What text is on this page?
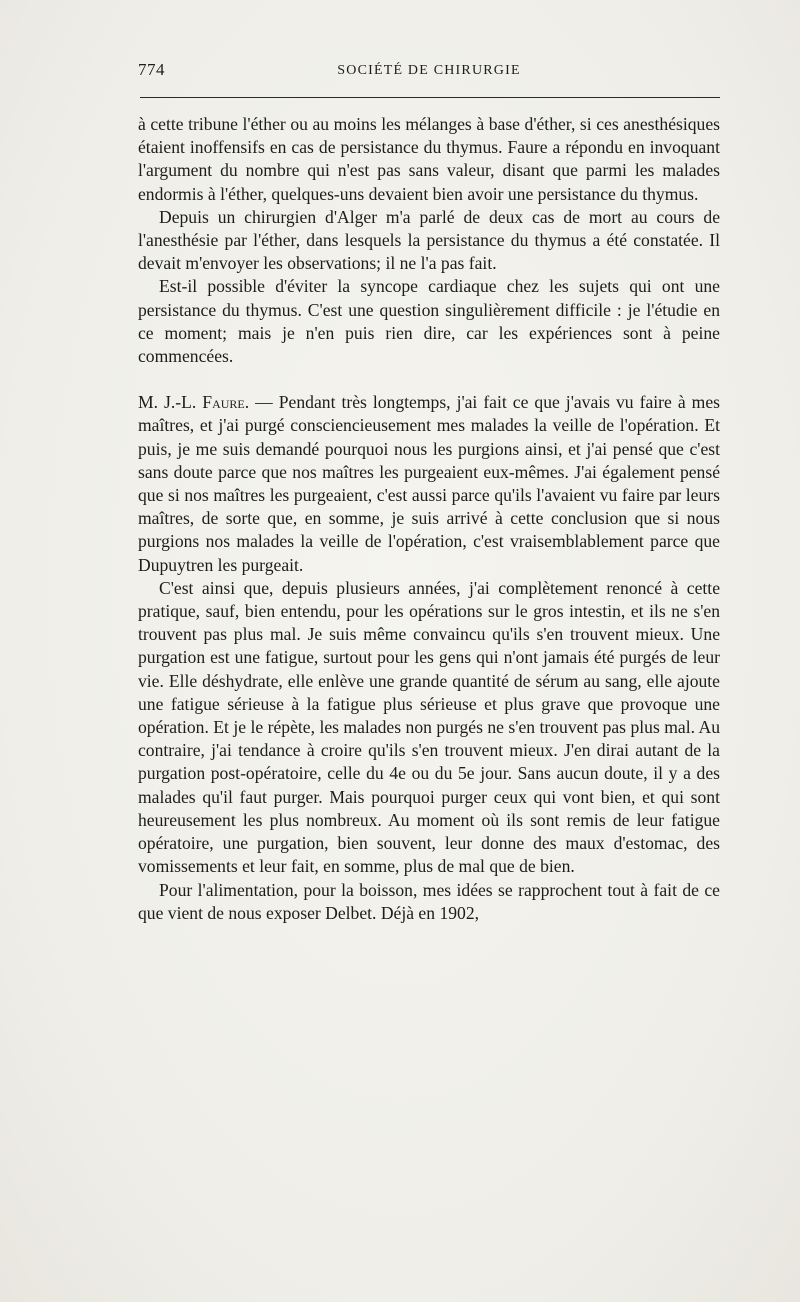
774	SOCIÉTÉ DE CHIRURGIE

à cette tribune l'éther ou au moins les mélanges à base d'éther, si ces anesthésiques étaient inoffensifs en cas de persistance du thymus. Faure a répondu en invoquant l'argument du nombre qui n'est pas sans valeur, disant que parmi les malades endormis à l'éther, quelques-uns devaient bien avoir une persistance du thymus.

Depuis un chirurgien d'Alger m'a parlé de deux cas de mort au cours de l'anesthésie par l'éther, dans lesquels la persistance du thymus a été constatée. Il devait m'envoyer les observations; il ne l'a pas fait.

Est-il possible d'éviter la syncope cardiaque chez les sujets qui ont une persistance du thymus. C'est une question singulièrement difficile : je l'étudie en ce moment; mais je n'en puis rien dire, car les expériences sont à peine commencées.

M. J.-L. Faure. — Pendant très longtemps, j'ai fait ce que j'avais vu faire à mes maîtres, et j'ai purgé consciencieusement mes malades la veille de l'opération. Et puis, je me suis demandé pourquoi nous les purgions ainsi, et j'ai pensé que c'est sans doute parce que nos maîtres les purgeaient eux-mêmes. J'ai également pensé que si nos maîtres les purgeaient, c'est aussi parce qu'ils l'avaient vu faire par leurs maîtres, de sorte que, en somme, je suis arrivé à cette conclusion que si nous purgions nos malades la veille de l'opération, c'est vraisemblablement parce que Dupuytren les purgeait.

C'est ainsi que, depuis plusieurs années, j'ai complètement renoncé à cette pratique, sauf, bien entendu, pour les opérations sur le gros intestin, et ils ne s'en trouvent pas plus mal. Je suis même convaincu qu'ils s'en trouvent mieux. Une purgation est une fatigue, surtout pour les gens qui n'ont jamais été purgés de leur vie. Elle déshydrate, elle enlève une grande quantité de sérum au sang, elle ajoute une fatigue sérieuse à la fatigue plus sérieuse et plus grave que provoque une opération. Et je le répète, les malades non purgés ne s'en trouvent pas plus mal. Au contraire, j'ai tendance à croire qu'ils s'en trouvent mieux. J'en dirai autant de la purgation post-opératoire, celle du 4e ou du 5e jour. Sans aucun doute, il y a des malades qu'il faut purger. Mais pourquoi purger ceux qui vont bien, et qui sont heureusement les plus nombreux. Au moment où ils sont remis de leur fatigue opératoire, une purgation, bien souvent, leur donne des maux d'estomac, des vomissements et leur fait, en somme, plus de mal que de bien.

Pour l'alimentation, pour la boisson, mes idées se rapprochent tout à fait de ce que vient de nous exposer Delbet. Déjà en 1902,
